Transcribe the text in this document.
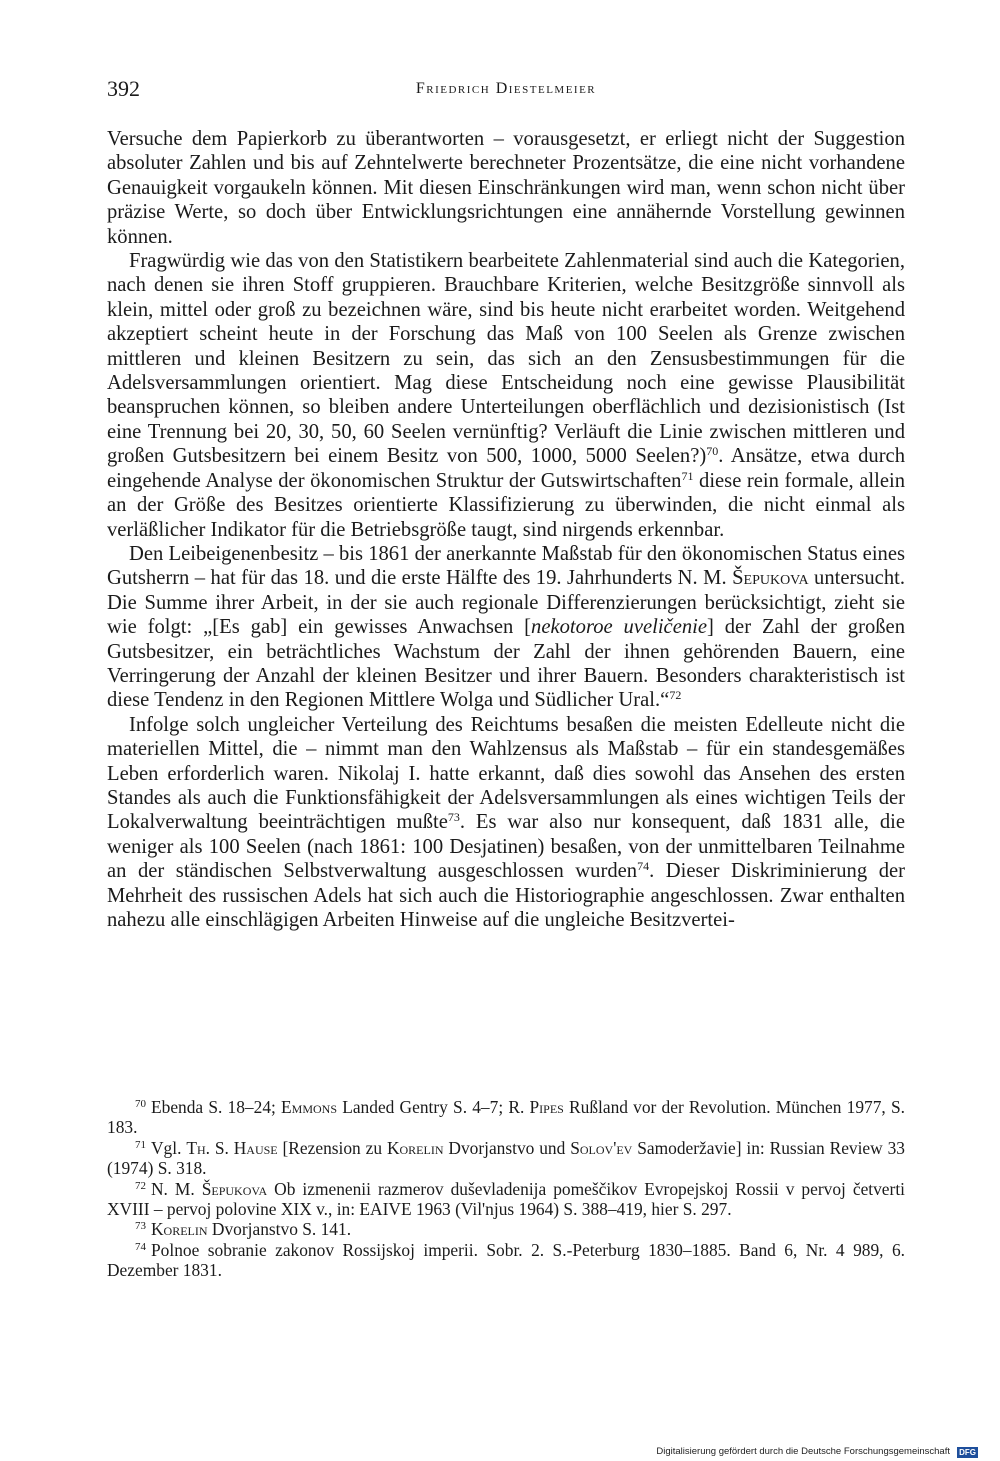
392	Friedrich Diestelmeier

Versuche dem Papierkorb zu überantworten – vorausgesetzt, er erliegt nicht der Suggestion absoluter Zahlen und bis auf Zehntelwerte berechneter Prozentsätze, die eine nicht vorhandene Genauigkeit vorgaukeln können. Mit diesen Einschränkungen wird man, wenn schon nicht über präzise Werte, so doch über Entwicklungsrichtungen eine annähernde Vorstellung gewinnen können.

Fragwürdig wie das von den Statistikern bearbeitete Zahlenmaterial sind auch die Kategorien, nach denen sie ihren Stoff gruppieren. Brauchbare Kriterien, welche Besitzgröße sinnvoll als klein, mittel oder groß zu bezeichnen wäre, sind bis heute nicht erarbeitet worden. Weitgehend akzeptiert scheint heute in der Forschung das Maß von 100 Seelen als Grenze zwischen mittleren und kleinen Besitzern zu sein, das sich an den Zensusbestimmungen für die Adelsversammlungen orientiert. Mag diese Entscheidung noch eine gewisse Plausibilität beanspruchen können, so bleiben andere Unterteilungen oberflächlich und dezisionistisch (Ist eine Trennung bei 20, 30, 50, 60 Seelen vernünftig? Verläuft die Linie zwischen mittleren und großen Gutsbesitzern bei einem Besitz von 500, 1000, 5000 Seelen?)$^{70}$. Ansätze, etwa durch eingehende Analyse der ökonomischen Struktur der Gutswirtschaften$^{71}$ diese rein formale, allein an der Größe des Besitzes orientierte Klassifizierung zu überwinden, die nicht einmal als verläßlicher Indikator für die Betriebsgröße taugt, sind nirgends erkennbar.

Den Leibeigenenbesitz – bis 1861 der anerkannte Maßstab für den ökonomischen Status eines Gutsherrn – hat für das 18. und die erste Hälfte des 19. Jahrhunderts N. M. Šepukova untersucht. Die Summe ihrer Arbeit, in der sie auch regionale Differenzierungen berücksichtigt, zieht sie wie folgt: „[Es gab] ein gewisses Anwachsen [nekotoroe uveličenie] der Zahl der großen Gutsbesitzer, ein beträchtliches Wachstum der Zahl der ihnen gehörenden Bauern, eine Verringerung der Anzahl der kleinen Besitzer und ihrer Bauern. Besonders charakteristisch ist diese Tendenz in den Regionen Mittlere Wolga und Südlicher Ural.“$^{72}$

Infolge solch ungleicher Verteilung des Reichtums besaßen die meisten Edelleute nicht die materiellen Mittel, die – nimmt man den Wahlzensus als Maßstab – für ein standesgemäßes Leben erforderlich waren. Nikolaj I. hatte erkannt, daß dies sowohl das Ansehen des ersten Standes als auch die Funktionsfähigkeit der Adelsversammlungen als eines wichtigen Teils der Lokalverwaltung beeinträchtigen mußte$^{73}$. Es war also nur konsequent, daß 1831 alle, die weniger als 100 Seelen (nach 1861: 100 Desjatinen) besaßen, von der unmittelbaren Teilnahme an der ständischen Selbstverwaltung ausgeschlossen wurden$^{74}$. Dieser Diskriminierung der Mehrheit des russischen Adels hat sich auch die Historiographie angeschlossen. Zwar enthalten nahezu alle einschlägigen Arbeiten Hinweise auf die ungleiche Besitzvertei-

$^{70}$ Ebenda S. 18–24; Emmons Landed Gentry S. 4–7; R. Pipes Rußland vor der Revolution. München 1977, S. 183.

$^{71}$ Vgl. Th. S. Hause [Rezension zu Korelin Dvorjanstvo und Solov'ev Samoderžavie] in: Russian Review 33 (1974) S. 318.

$^{72}$ N. M. Šepukova Ob izmenenii razmerov duševladenija pomeščikov Evropejskoj Rossii v pervoj četverti XVIII – pervoj polovine XIX v., in: EAIVE 1963 (Vil'njus 1964) S. 388–419, hier S. 297.

$^{73}$ Korelin Dvorjanstvo S. 141.

$^{74}$ Polnoe sobranie zakonov Rossijskoj imperii. Sobr. 2. S.-Peterburg 1830–1885. Band 6, Nr. 4 989, 6. Dezember 1831.

Digitalisierung gefördert durch die Deutsche Forschungsgemeinschaft DFG
